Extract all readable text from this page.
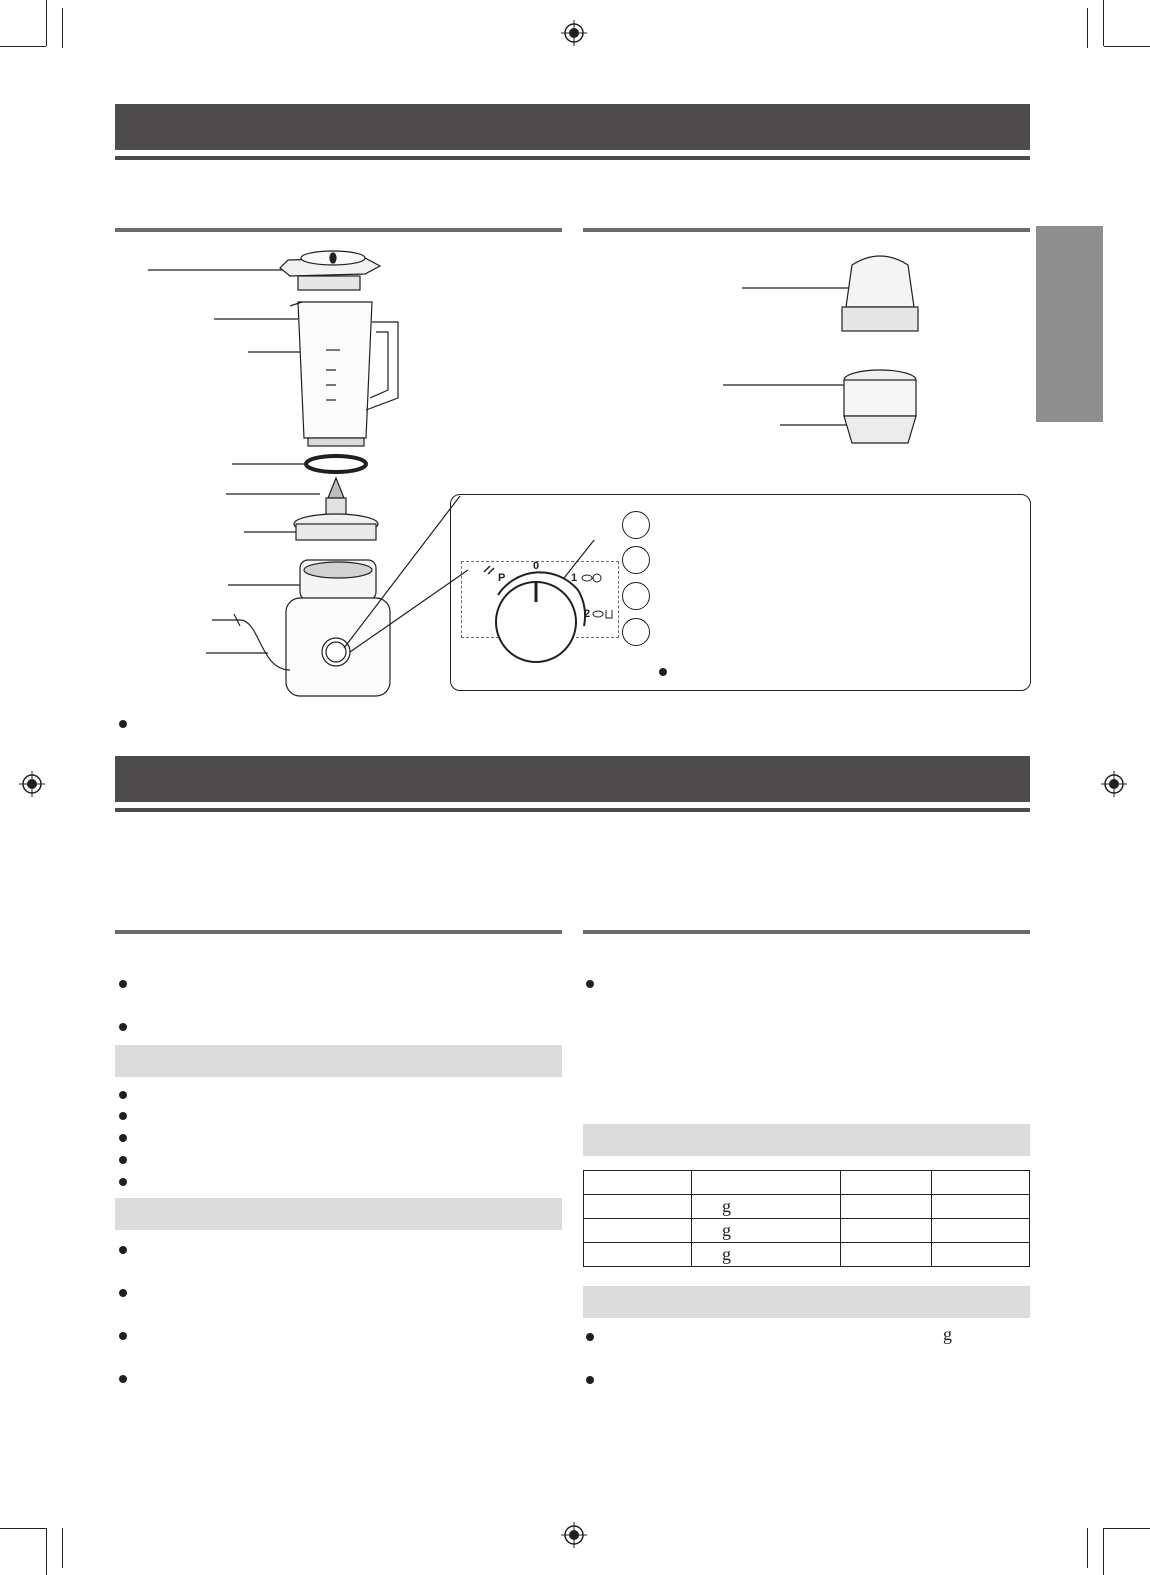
P
0
1
2

	g		
	g		
	g		
g
